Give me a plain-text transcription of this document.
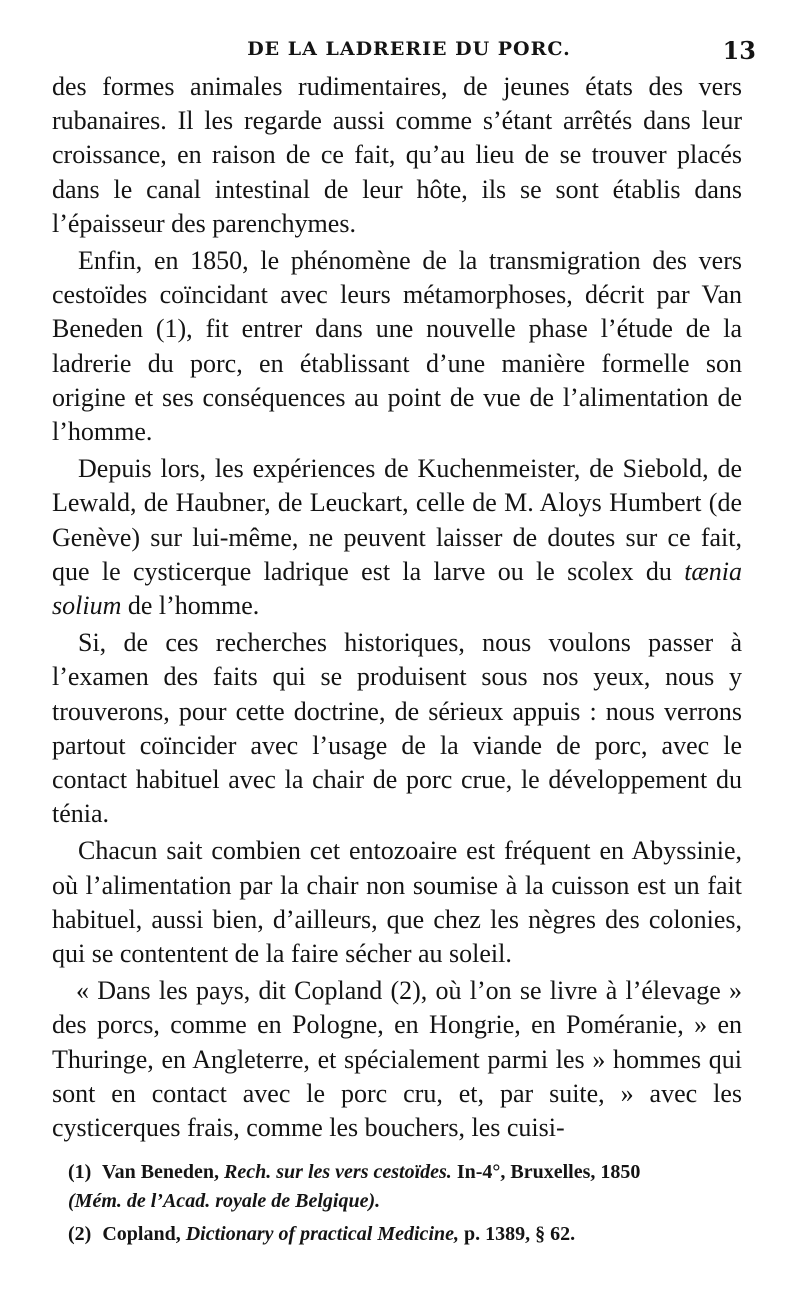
DE LA LADRERIE DU PORC.	13

des formes animales rudimentaires, de jeunes états des vers rubanaires. Il les regarde aussi comme s’étant arrêtés dans leur croissance, en raison de ce fait, qu’au lieu de se trouver placés dans le canal intestinal de leur hôte, ils se sont établis dans l’épaisseur des parenchymes.

Enfin, en 1850, le phénomène de la transmigration des vers cestoïdes coïncidant avec leurs métamorphoses, décrit par Van Beneden (1), fit entrer dans une nouvelle phase l’étude de la ladrerie du porc, en établissant d’une manière formelle son origine et ses conséquences au point de vue de l’alimentation de l’homme.

Depuis lors, les expériences de Kuchenmeister, de Siebold, de Lewald, de Haubner, de Leuckart, celle de M. Aloys Humbert (de Genève) sur lui-même, ne peuvent laisser de doutes sur ce fait, que le cysticerque ladrique est la larve ou le scolex du tænia solium de l’homme.

Si, de ces recherches historiques, nous voulons passer à l’examen des faits qui se produisent sous nos yeux, nous y trouverons, pour cette doctrine, de sérieux appuis : nous verrons partout coïncider avec l’usage de la viande de porc, avec le contact habituel avec la chair de porc crue, le développement du ténia.

Chacun sait combien cet entozoaire est fréquent en Abyssinie, où l’alimentation par la chair non soumise à la cuisson est un fait habituel, aussi bien, d’ailleurs, que chez les nègres des colonies, qui se contentent de la faire sécher au soleil.

« Dans les pays, dit Copland (2), où l’on se livre à l’élevage » des porcs, comme en Pologne, en Hongrie, en Poméranie, » en Thuringe, en Angleterre, et spécialement parmi les » hommes qui sont en contact avec le porc cru, et, par suite, » avec les cysticerques frais, comme les bouchers, les cuisi-

(1) Van Beneden, Rech. sur les vers cestoïdes. In-4°, Bruxelles, 1850
(Mém. de l’Acad. royale de Belgique).

(2) Copland, Dictionary of practical Medicine, p. 1389, § 62.
